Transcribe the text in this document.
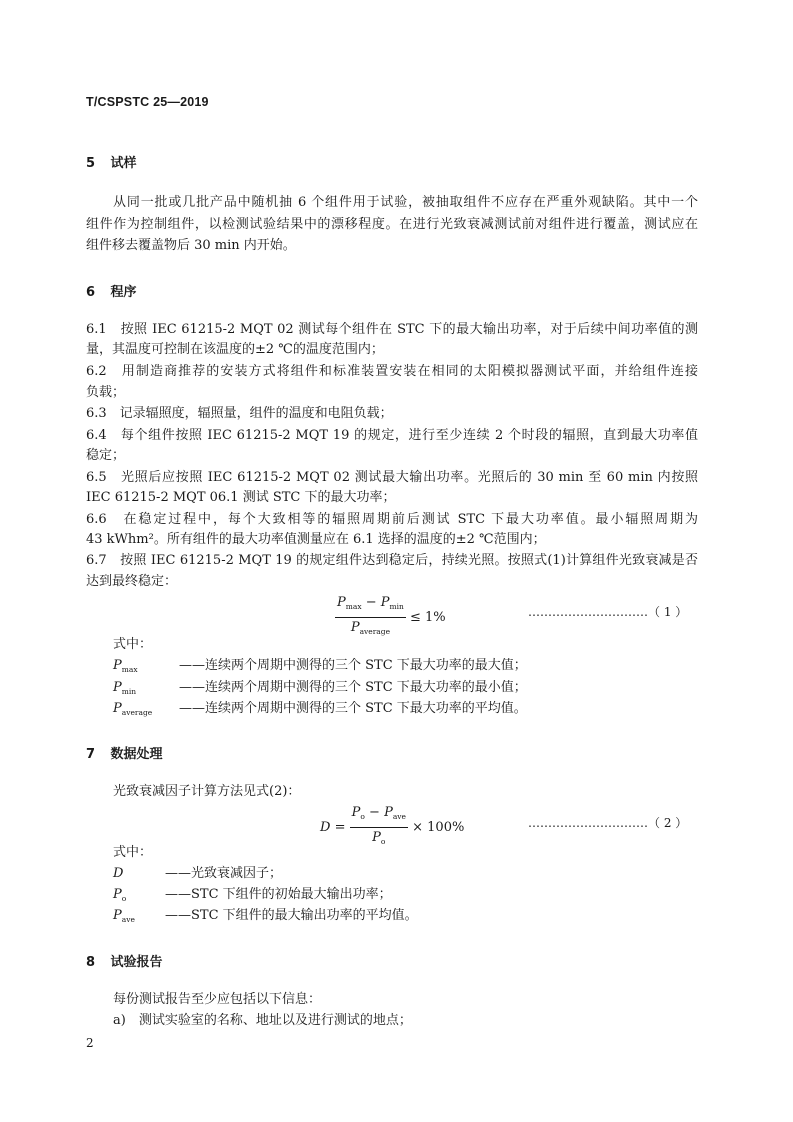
T/CSPSTC 25—2019
5 试样
从同一批或几批产品中随机抽 6 个组件用于试验，被抽取组件不应存在严重外观缺陷。其中一个
组件作为控制组件，以检测试验结果中的漂移程度。在进行光致衰减测试前对组件进行覆盖，测试应在
组件移去覆盖物后 30 min 内开始。
6 程序
6.1　按照 IEC 61215-2 MQT 02 测试每个组件在 STC 下的最大输出功率，对于后续中间功率值的测
量，其温度可控制在该温度的±2 ℃的温度范围内；
6.2　用制造商推荐的安装方式将组件和标准装置安装在相同的太阳模拟器测试平面，并给组件连接
负载；
6.3　记录辐照度，辐照量，组件的温度和电阻负载；
6.4　每个组件按照 IEC 61215-2 MQT 19 的规定，进行至少连续 2 个时段的辐照，直到最大功率值
稳定；
6.5　光照后应按照 IEC 61215-2 MQT 02 测试最大输出功率。光照后的 30 min 至 60 min 内按照
IEC 61215-2 MQT 06.1 测试 STC 下的最大功率；
6.6　在稳定过程中，每个大致相等的辐照周期前后测试 STC 下最大功率值。最小辐照周期为
43 kWhm²。所有组件的最大功率值测量应在 6.1 选择的温度的±2 ℃范围内；
6.7　按照 IEC 61215-2 MQT 19 的规定组件达到稳定后，持续光照。按照式(1)计算组件光致衰减是否
达到最终稳定：
$\frac{P_{max} - P_{min}}{P_{average}} \le 1\%$	…………………………（ 1 ）
式中：
$P_{max}$	——连续两个周期中测得的三个 STC 下最大功率的最大值；
$P_{min}$	——连续两个周期中测得的三个 STC 下最大功率的最小值；
$P_{average}$ ——连续两个周期中测得的三个 STC 下最大功率的平均值。
7 数据处理
光致衰减因子计算方法见式(2)：
$D = \frac{P_o - P_{ave}}{P_o} \times 100\%$	…………………………（ 2 ）
式中：
D	——光致衰减因子；
$P_o$	——STC 下组件的初始最大输出功率；
$P_{ave}$ ——STC 下组件的最大输出功率的平均值。
8 试验报告
每份测试报告至少应包括以下信息：
a)　测试实验室的名称、地址以及进行测试的地点；
2
